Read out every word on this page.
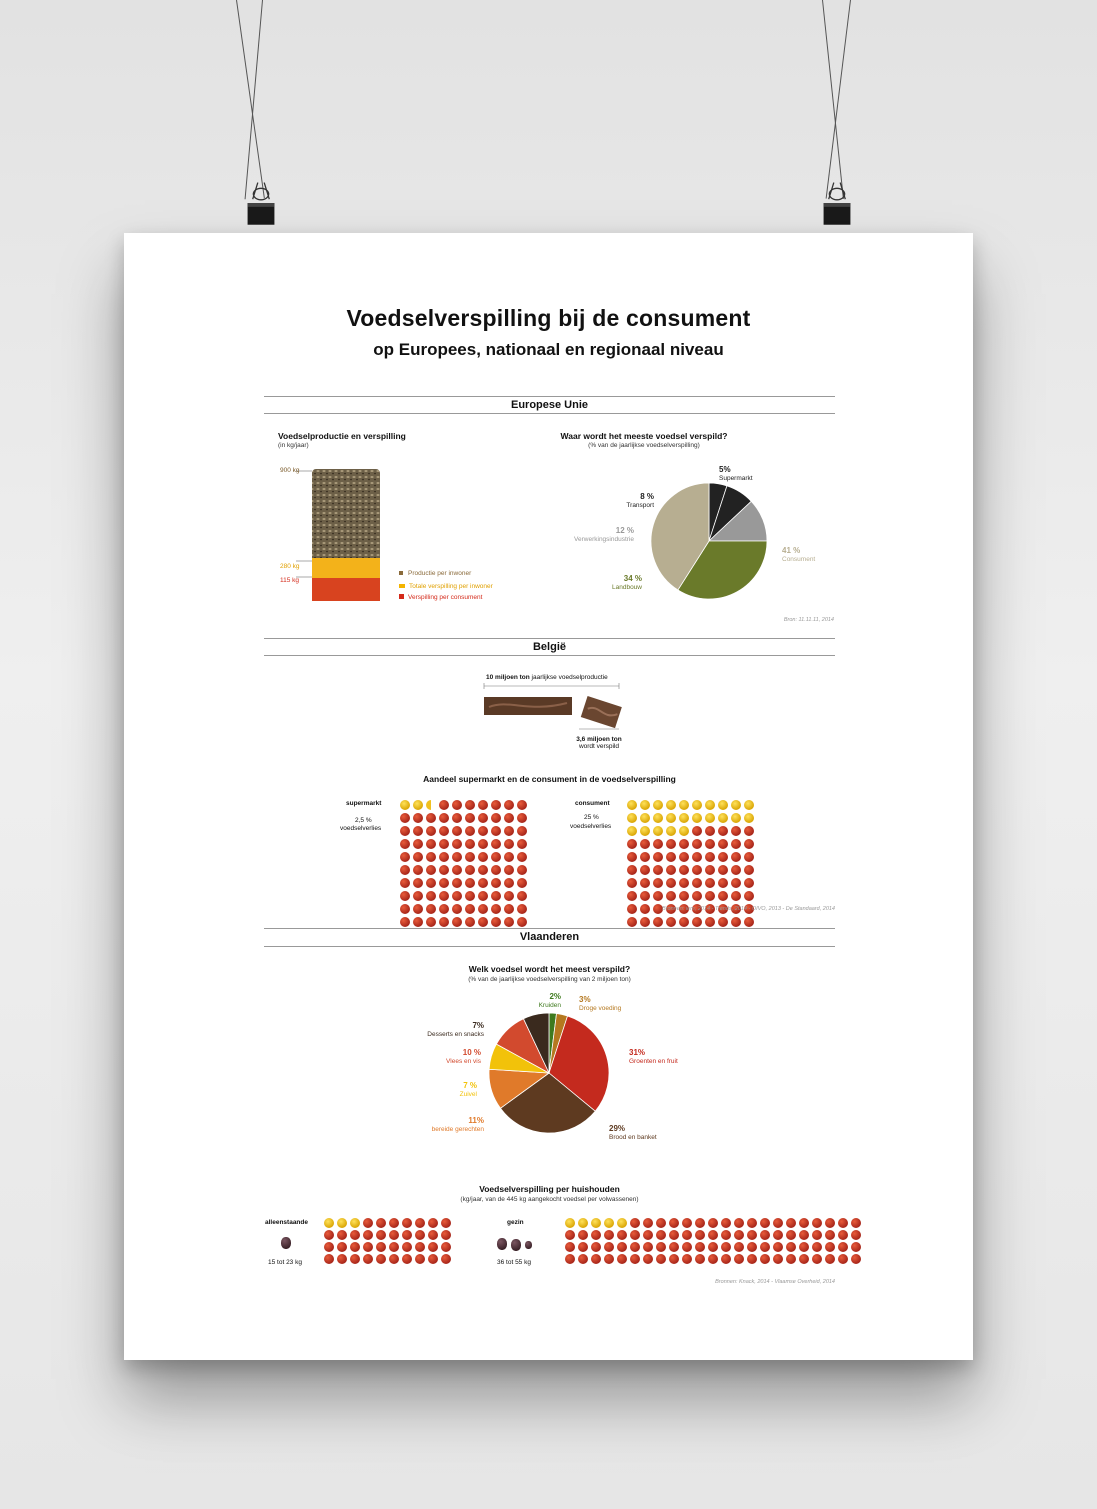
Voedselverspilling bij de consument
op Europees, nationaal en regionaal niveau
Europese Unie
Voedselproductie en verspilling
(in kg/jaar)
900 kg
280 kg
115 kg
Productie per inwoner
Totale verspilling per inwoner
Verspilling per consument
Waar wordt het meeste voedsel verspild?
(% van de jaarlijkse voedselverspilling)
5%
Supermarkt
8 %
Transport
12 %
Verwerkingsindustrie
34 %
Landbouw
41 %
Consument
Bron: 11.11.11, 2014
België
10 miljoen ton jaarlijkse voedselproductie
3,6 miljoen ton
wordt verspild
Aandeel supermarkt en de consument in de voedselverspilling
supermarkt
2,5 %
voedselverlies
consument
25 %
voedselverlies
Bronnen: iem, 2014 - Trends, 2014 - OIVO, 2013 - De Standaard, 2014
Vlaanderen
Welk voedsel wordt het meest verspild?
(% van de jaarlijkse voedselverspilling van 2 miljoen ton)
2%
Kruiden
3%
Droge voeding
31%
Groenten en fruit
29%
Brood en banket
11%
bereide gerechten
7 %
Zuivel
10 %
Vlees en vis
7%
Desserts en snacks
Voedselverspilling per huishouden
(kg/jaar, van de 445 kg aangekocht voedsel per volwassenen)
alleenstaande
15 tot 23 kg
gezin
36 tot 55 kg
Bronnen: Knack, 2014 - Vlaamse Overheid, 2014
